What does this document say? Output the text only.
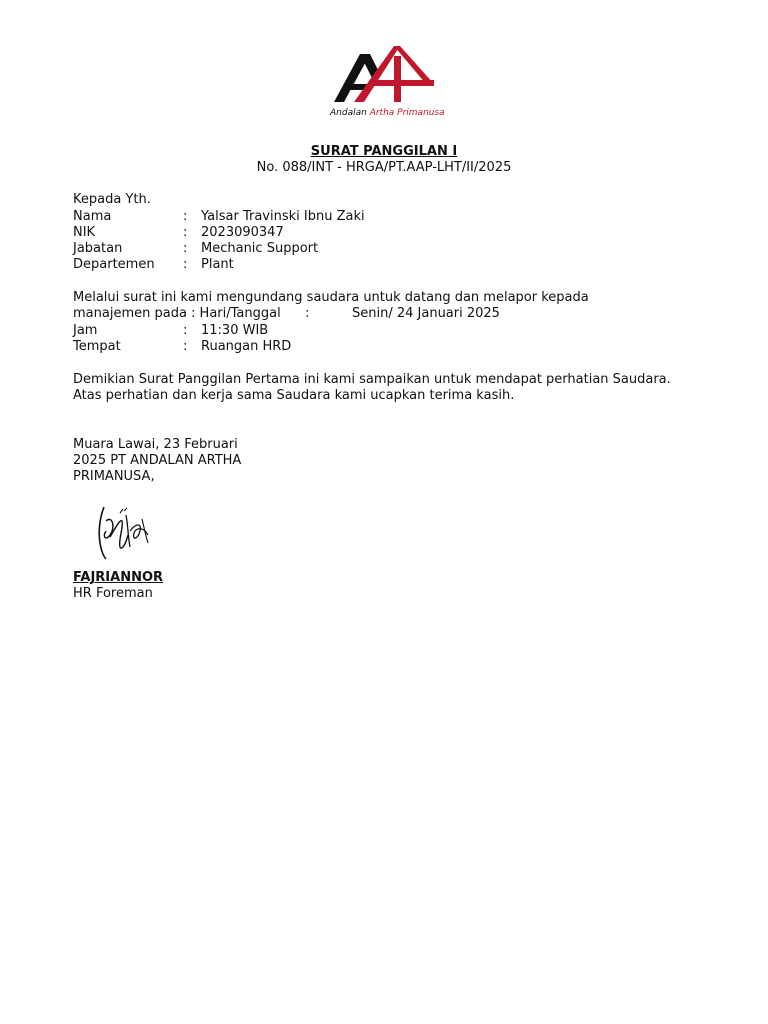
Andalan Artha Primanusa
SURAT PANGGILAN I
No. 088/INT - HRGA/PT.AAP-LHT/II/2025
Kepada Yth.
Nama	: Yalsar Travinski Ibnu Zaki
NIK	: 2023090347
Jabatan	: Mechanic Support
Departemen : Plant
Melalui surat ini kami mengundang saudara untuk datang dan melapor kepada
manajemen pada : Hari/Tanggal :	Senin/ 24 Januari 2025
Jam	: 11:30 WIB
Tempat	: Ruangan HRD
Demikian Surat Panggilan Pertama ini kami sampaikan untuk mendapat perhatian Saudara.
Atas perhatian dan kerja sama Saudara kami ucapkan terima kasih.
Muara Lawai, 23 Februari
2025 PT ANDALAN ARTHA
PRIMANUSA,
FAJRIANNOR
HR Foreman
